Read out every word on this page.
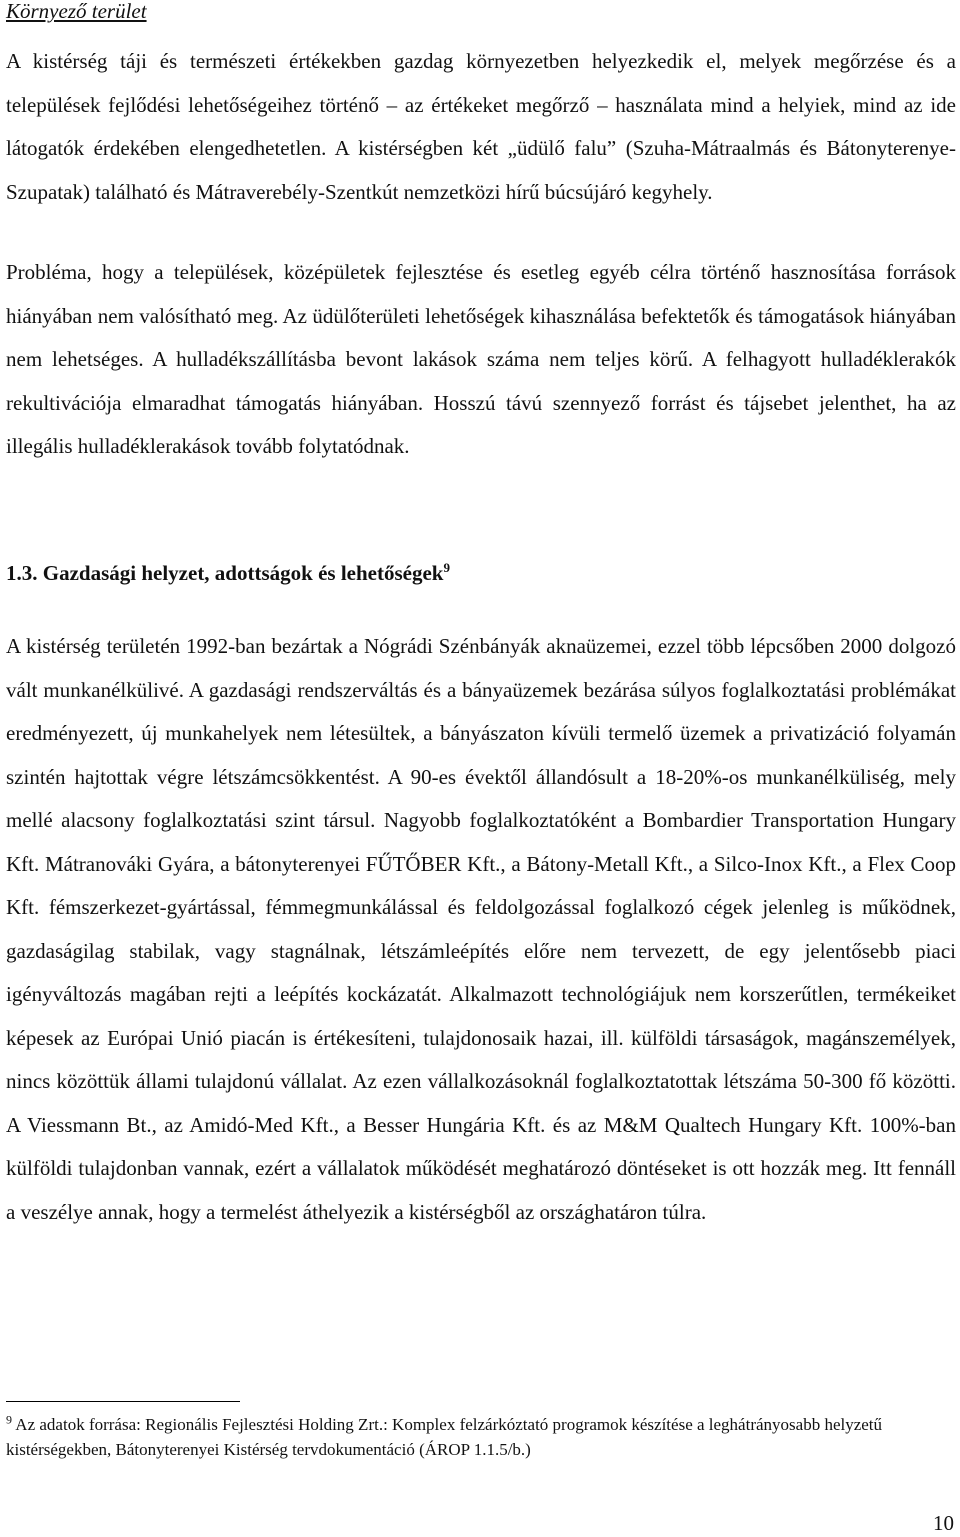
Környező terület

A kistérség táji és természeti értékekben gazdag környezetben helyezkedik el, melyek megőrzése és a települések fejlődési lehetőségeihez történő – az értékeket megőrző – használata mind a helyiek, mind az ide látogatók érdekében elengedhetetlen. A kistérségben két „üdülő falu” (Szuha-Mátraalmás és Bátonyterenye-Szupatak) található és Mátraverebély-Szentkút nemzetközi hírű búcsújáró kegyhely.

Probléma, hogy a települések, középületek fejlesztése és esetleg egyéb célra történő hasznosítása források hiányában nem valósítható meg. Az üdülőterületi lehetőségek kihasználása befektetők és támogatások hiányában nem lehetséges. A hulladékszállításba bevont lakások száma nem teljes körű. A felhagyott hulladéklerakók rekultivációja elmaradhat támogatás hiányában. Hosszú távú szennyező forrást és tájsebet jelenthet, ha az illegális hulladéklerakások tovább folytatódnak.

1.3. Gazdasági helyzet, adottságok és lehetőségek$^9$

A kistérség területén 1992-ban bezártak a Nógrádi Szénbányák aknaüzemei, ezzel több lépcsőben 2000 dolgozó vált munkanélkülivé. A gazdasági rendszerváltás és a bányaüzemek bezárása súlyos foglalkoztatási problémákat eredményezett, új munkahelyek nem létesültek, a bányászaton kívüli termelő üzemek a privatizáció folyamán szintén hajtottak végre létszámcsökkentést. A 90-es évektől állandósult a 18-20%-os munkanélküliség, mely mellé alacsony foglalkoztatási szint társul. Nagyobb foglalkoztatóként a Bombardier Transportation Hungary Kft. Mátranováki Gyára, a bátonyterenyei FŰTŐBER Kft., a Bátony-Metall Kft., a Silco-Inox Kft., a Flex Coop Kft. fémszerkezet-gyártással, fémmegmunkálással és feldolgozással foglalkozó cégek jelenleg is működnek, gazdaságilag stabilak, vagy stagnálnak, létszámleépítés előre nem tervezett, de egy jelentősebb piaci igényváltozás magában rejti a leépítés kockázatát. Alkalmazott technológiájuk nem korszerűtlen, termékeiket képesek az Európai Unió piacán is értékesíteni, tulajdonosaik hazai, ill. külföldi társaságok, magánszemélyek, nincs közöttük állami tulajdonú vállalat. Az ezen vállalkozásoknál foglalkoztatottak létszáma 50-300 fő közötti. A Viessmann Bt., az Amidó-Med Kft., a Besser Hungária Kft. és az M&M Qualtech Hungary Kft. 100%-ban külföldi tulajdonban vannak, ezért a vállalatok működését meghatározó döntéseket is ott hozzák meg. Itt fennáll a veszélye annak, hogy a termelést áthelyezik a kistérségből az országhatáron túlra.

$^9$ Az adatok forrása: Regionális Fejlesztési Holding Zrt.: Komplex felzárkóztató programok készítése a leghátrányosabb helyzetű kistérségekben, Bátonyterenyei Kistérség tervdokumentáció (ÁROP 1.1.5/b.)

10
